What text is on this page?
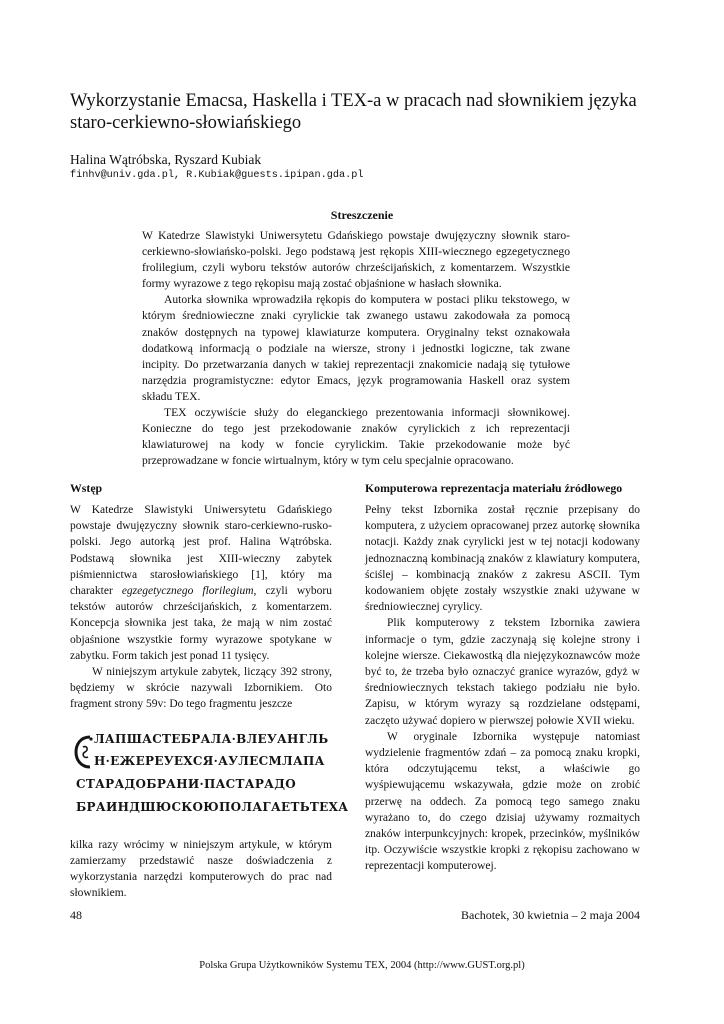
Wykorzystanie Emacsa, Haskella i TEX-a w pracach nad słownikiem języka staro-cerkiewno-słowiańskiego
Halina Wątróbska, Ryszard Kubiak
finhv@univ.gda.pl, R.Kubiak@guests.ipipan.gda.pl
Streszczenie

W Katedrze Slawistyki Uniwersytetu Gdańskiego powstaje dwujęzyczny słownik staro-cerkiewno-słowiańsko-polski. Jego podstawą jest rękopis XIII-wiecznego egzegetycznego frolilegium, czyli wyboru tekstów autorów chrześcijańskich, z komentarzem. Wszystkie formy wyrazowe z tego rękopisu mają zostać objaśnione w hasłach słownika.

Autorka słownika wprowadziła rękopis do komputera w postaci pliku tekstowego, w którym średniowieczne znaki cyrylickie tak zwanego ustawu zakodowała za pomocą znaków dostępnych na typowej klawiaturze komputera. Oryginalny tekst oznakowała dodatkową informacją o podziale na wiersze, strony i jednostki logiczne, tak zwane incipity. Do przetwarzania danych w takiej reprezentacji znakomicie nadają się tytułowe narzędzia programistyczne: edytor Emacs, język programowania Haskell oraz system składu TEX.

TEX oczywiście służy do eleganckiego prezentowania informacji słownikowej. Konieczne do tego jest przekodowanie znaków cyrylickich z ich reprezentacji klawiaturowej na kody w foncie cyrylickim. Takie przekodowanie może być przeprowadzane w foncie wirtualnym, który w tym celu specjalnie opracowano.

Wstęp

W Katedrze Slawistyki Uniwersytetu Gdańskiego powstaje dwujęzyczny słownik staro-cerkiewno-rusko-polski. Jego autorką jest prof. Halina Wątróbska. Podstawą słownika jest XIII-wieczny zabytek piśmiennictwa starosłowiańskiego [1], który ma charakter egzegetycznego florilegium, czyli wyboru tekstów autorów chrześcijańskich, z komentarzem. Koncepcja słownika jest taka, że mają w nim zostać objaśnione wszystkie formy wyrazowe spotykane w zabytku. Form takich jest ponad 11 tysięcy.

W niniejszym artykule zabytek, liczący 392 strony, będziemy w skrócie nazywali Izbornikiem. Oto fragment strony 59v: Do tego fragmentu jeszcze

ЛАПШАСТЕБРАЛА·ВЛЕУАНГЛЬ
Н·ЕЖЕРЕУЕХСЯ·АУЛЕСМЛАПА
СТАРАДОБРАНИ·ПАСТАРАДО
БРАИНДШЮСКОЮПОЛАГАЕТЬТЕХА

kilka razy wrócimy w niniejszym artykule, w którym zamierzamy przedstawić nasze doświadczenia z wykorzystania narzędzi komputerowych do prac nad słownikiem.

Komputerowa reprezentacja materiału źródłowego

Pełny tekst Izbornika został ręcznie przepisany do komputera, z użyciem opracowanej przez autorkę słownika notacji. Każdy znak cyrylicki jest w tej notacji kodowany jednoznaczną kombinacją znaków z klawiatury komputera, ściślej – kombinacją znaków z zakresu ASCII. Tym kodowaniem objęte zostały wszystkie znaki używane w średniowiecznej cyrylicy.

Plik komputerowy z tekstem Izbornika zawiera informacje o tym, gdzie zaczynają się kolejne strony i kolejne wiersze. Ciekawostką dla niejęzykoznawców może być to, że trzeba było oznaczyć granice wyrazów, gdyż w średniowiecznych tekstach takiego podziału nie było. Zapisu, w którym wyrazy są rozdzielane odstępami, zaczęto używać dopiero w pierwszej połowie XVII wieku.

W oryginale Izbornika występuje natomiast wydzielenie fragmentów zdań – za pomocą znaku kropki, która odczytującemu tekst, a właściwie go wyśpiewującemu wskazywała, gdzie może on zrobić przerwę na oddech. Za pomocą tego samego znaku wyrażano to, do czego dzisiaj używamy rozmaitych znaków interpunkcyjnych: kropek, przecinków, myślników itp. Oczywiście wszystkie kropki z rękopisu zachowano w reprezentacji komputerowej.

48	Bachotek, 30 kwietnia – 2 maja 2004
Polska Grupa Użytkowników Systemu TEX, 2004 (http://www.GUST.org.pl)
